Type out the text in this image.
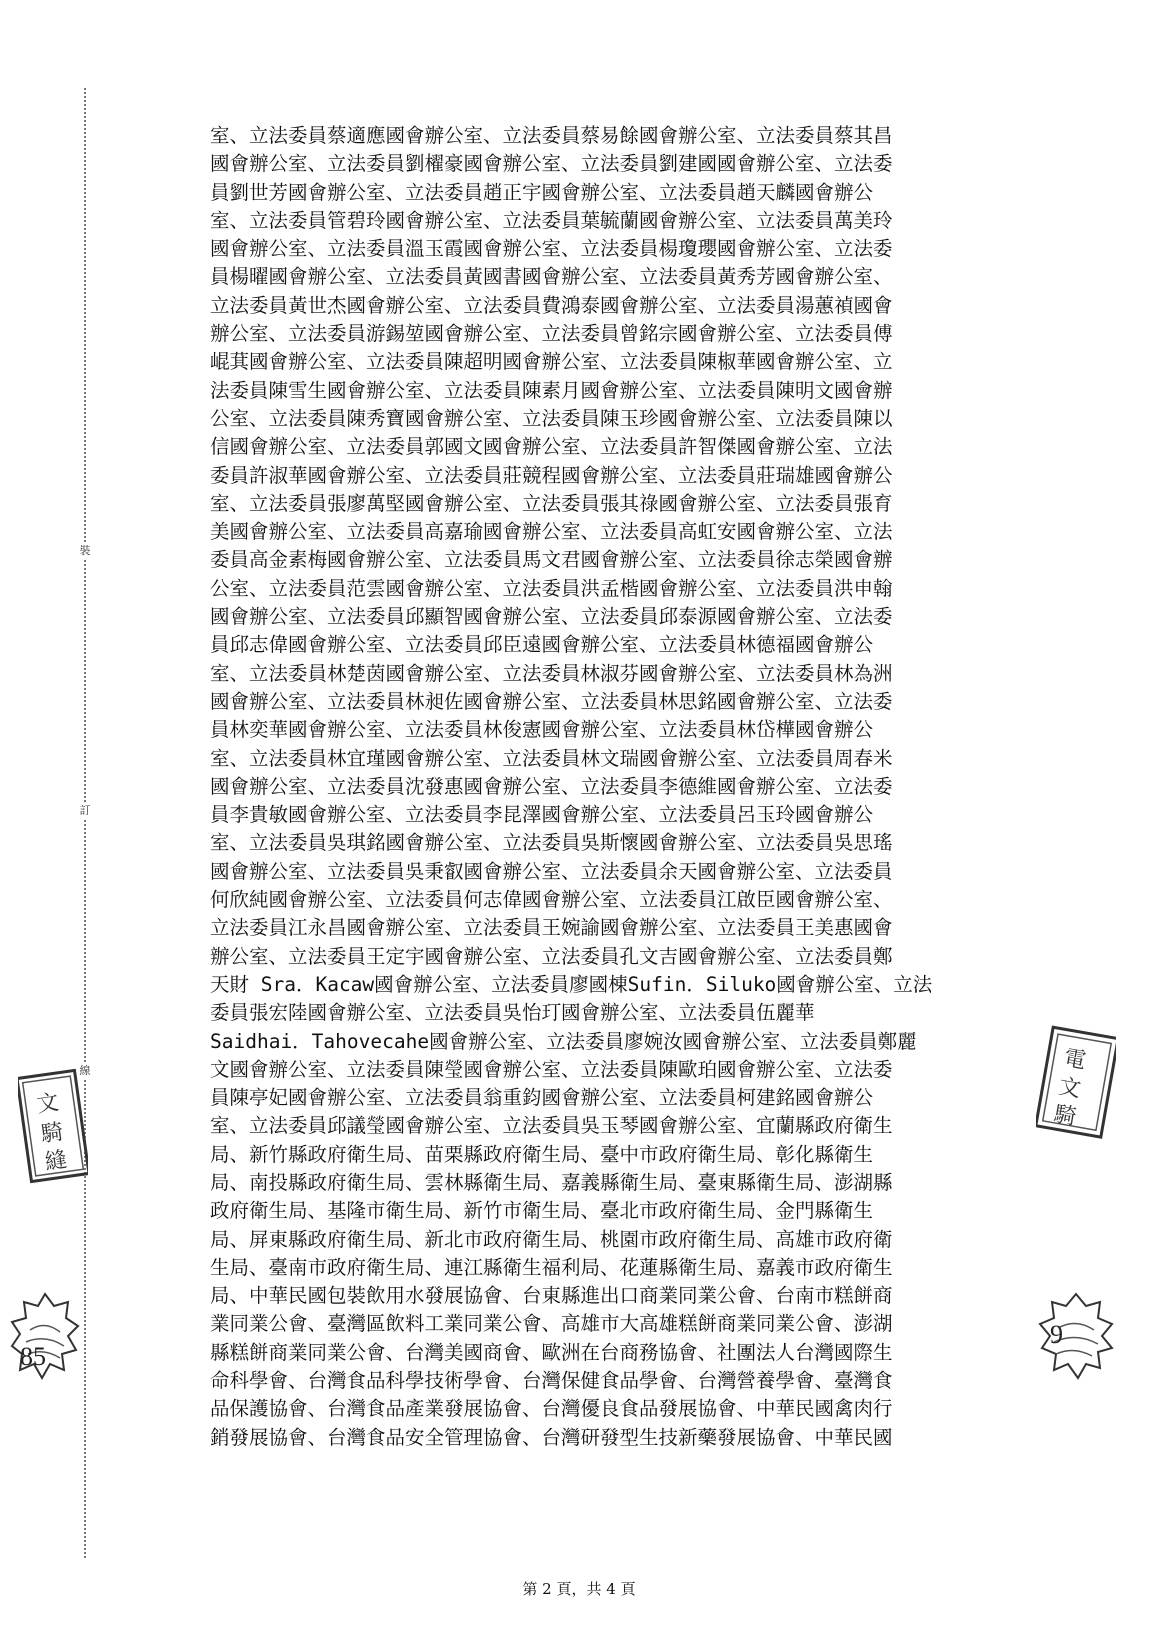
裝
訂
線
室、立法委員蔡適應國會辦公室、立法委員蔡易餘國會辦公室、立法委員蔡其昌
國會辦公室、立法委員劉櫂豪國會辦公室、立法委員劉建國國會辦公室、立法委
員劉世芳國會辦公室、立法委員趙正宇國會辦公室、立法委員趙天麟國會辦公
室、立法委員管碧玲國會辦公室、立法委員葉毓蘭國會辦公室、立法委員萬美玲
國會辦公室、立法委員溫玉霞國會辦公室、立法委員楊瓊瓔國會辦公室、立法委
員楊曜國會辦公室、立法委員黃國書國會辦公室、立法委員黃秀芳國會辦公室、
立法委員黃世杰國會辦公室、立法委員費鴻泰國會辦公室、立法委員湯蕙禎國會
辦公室、立法委員游錫堃國會辦公室、立法委員曾銘宗國會辦公室、立法委員傅
崐萁國會辦公室、立法委員陳超明國會辦公室、立法委員陳椒華國會辦公室、立
法委員陳雪生國會辦公室、立法委員陳素月國會辦公室、立法委員陳明文國會辦
公室、立法委員陳秀寶國會辦公室、立法委員陳玉珍國會辦公室、立法委員陳以
信國會辦公室、立法委員郭國文國會辦公室、立法委員許智傑國會辦公室、立法
委員許淑華國會辦公室、立法委員莊競程國會辦公室、立法委員莊瑞雄國會辦公
室、立法委員張廖萬堅國會辦公室、立法委員張其祿國會辦公室、立法委員張育
美國會辦公室、立法委員高嘉瑜國會辦公室、立法委員高虹安國會辦公室、立法
委員高金素梅國會辦公室、立法委員馬文君國會辦公室、立法委員徐志榮國會辦
公室、立法委員范雲國會辦公室、立法委員洪孟楷國會辦公室、立法委員洪申翰
國會辦公室、立法委員邱顯智國會辦公室、立法委員邱泰源國會辦公室、立法委
員邱志偉國會辦公室、立法委員邱臣遠國會辦公室、立法委員林德福國會辦公
室、立法委員林楚茵國會辦公室、立法委員林淑芬國會辦公室、立法委員林為洲
國會辦公室、立法委員林昶佐國會辦公室、立法委員林思銘國會辦公室、立法委
員林奕華國會辦公室、立法委員林俊憲國會辦公室、立法委員林岱樺國會辦公
室、立法委員林宜瑾國會辦公室、立法委員林文瑞國會辦公室、立法委員周春米
國會辦公室、立法委員沈發惠國會辦公室、立法委員李德維國會辦公室、立法委
員李貴敏國會辦公室、立法委員李昆澤國會辦公室、立法委員呂玉玲國會辦公
室、立法委員吳琪銘國會辦公室、立法委員吳斯懷國會辦公室、立法委員吳思瑤
國會辦公室、立法委員吳秉叡國會辦公室、立法委員余天國會辦公室、立法委員
何欣純國會辦公室、立法委員何志偉國會辦公室、立法委員江啟臣國會辦公室、
立法委員江永昌國會辦公室、立法委員王婉諭國會辦公室、立法委員王美惠國會
辦公室、立法委員王定宇國會辦公室、立法委員孔文吉國會辦公室、立法委員鄭
天財 Sra．Kacaw國會辦公室、立法委員廖國棟Sufin．Siluko國會辦公室、立法
委員張宏陸國會辦公室、立法委員吳怡玎國會辦公室、立法委員伍麗華
Saidhai．Tahovecahe國會辦公室、立法委員廖婉汝國會辦公室、立法委員鄭麗
文國會辦公室、立法委員陳瑩國會辦公室、立法委員陳歐珀國會辦公室、立法委
員陳亭妃國會辦公室、立法委員翁重鈞國會辦公室、立法委員柯建銘國會辦公
室、立法委員邱議瑩國會辦公室、立法委員吳玉琴國會辦公室、宜蘭縣政府衛生
局、新竹縣政府衛生局、苗栗縣政府衛生局、臺中市政府衛生局、彰化縣衛生
局、南投縣政府衛生局、雲林縣衛生局、嘉義縣衛生局、臺東縣衛生局、澎湖縣
政府衛生局、基隆市衛生局、新竹市衛生局、臺北市政府衛生局、金門縣衛生
局、屏東縣政府衛生局、新北市政府衛生局、桃園市政府衛生局、高雄市政府衛
生局、臺南市政府衛生局、連江縣衛生福利局、花蓮縣衛生局、嘉義市政府衛生
局、中華民國包裝飲用水發展協會、台東縣進出口商業同業公會、台南市糕餅商
業同業公會、臺灣區飲料工業同業公會、高雄市大高雄糕餅商業同業公會、澎湖
縣糕餅商業同業公會、台灣美國商會、歐洲在台商務協會、社團法人台灣國際生
命科學會、台灣食品科學技術學會、台灣保健食品學會、台灣營養學會、臺灣食
品保護協會、台灣食品產業發展協會、台灣優良食品發展協會、中華民國禽肉行
銷發展協會、台灣食品安全管理協會、台灣研發型生技新藥發展協會、中華民國
文
騎
縫
電
文
騎
85
9
第 2 頁，共 4 頁
